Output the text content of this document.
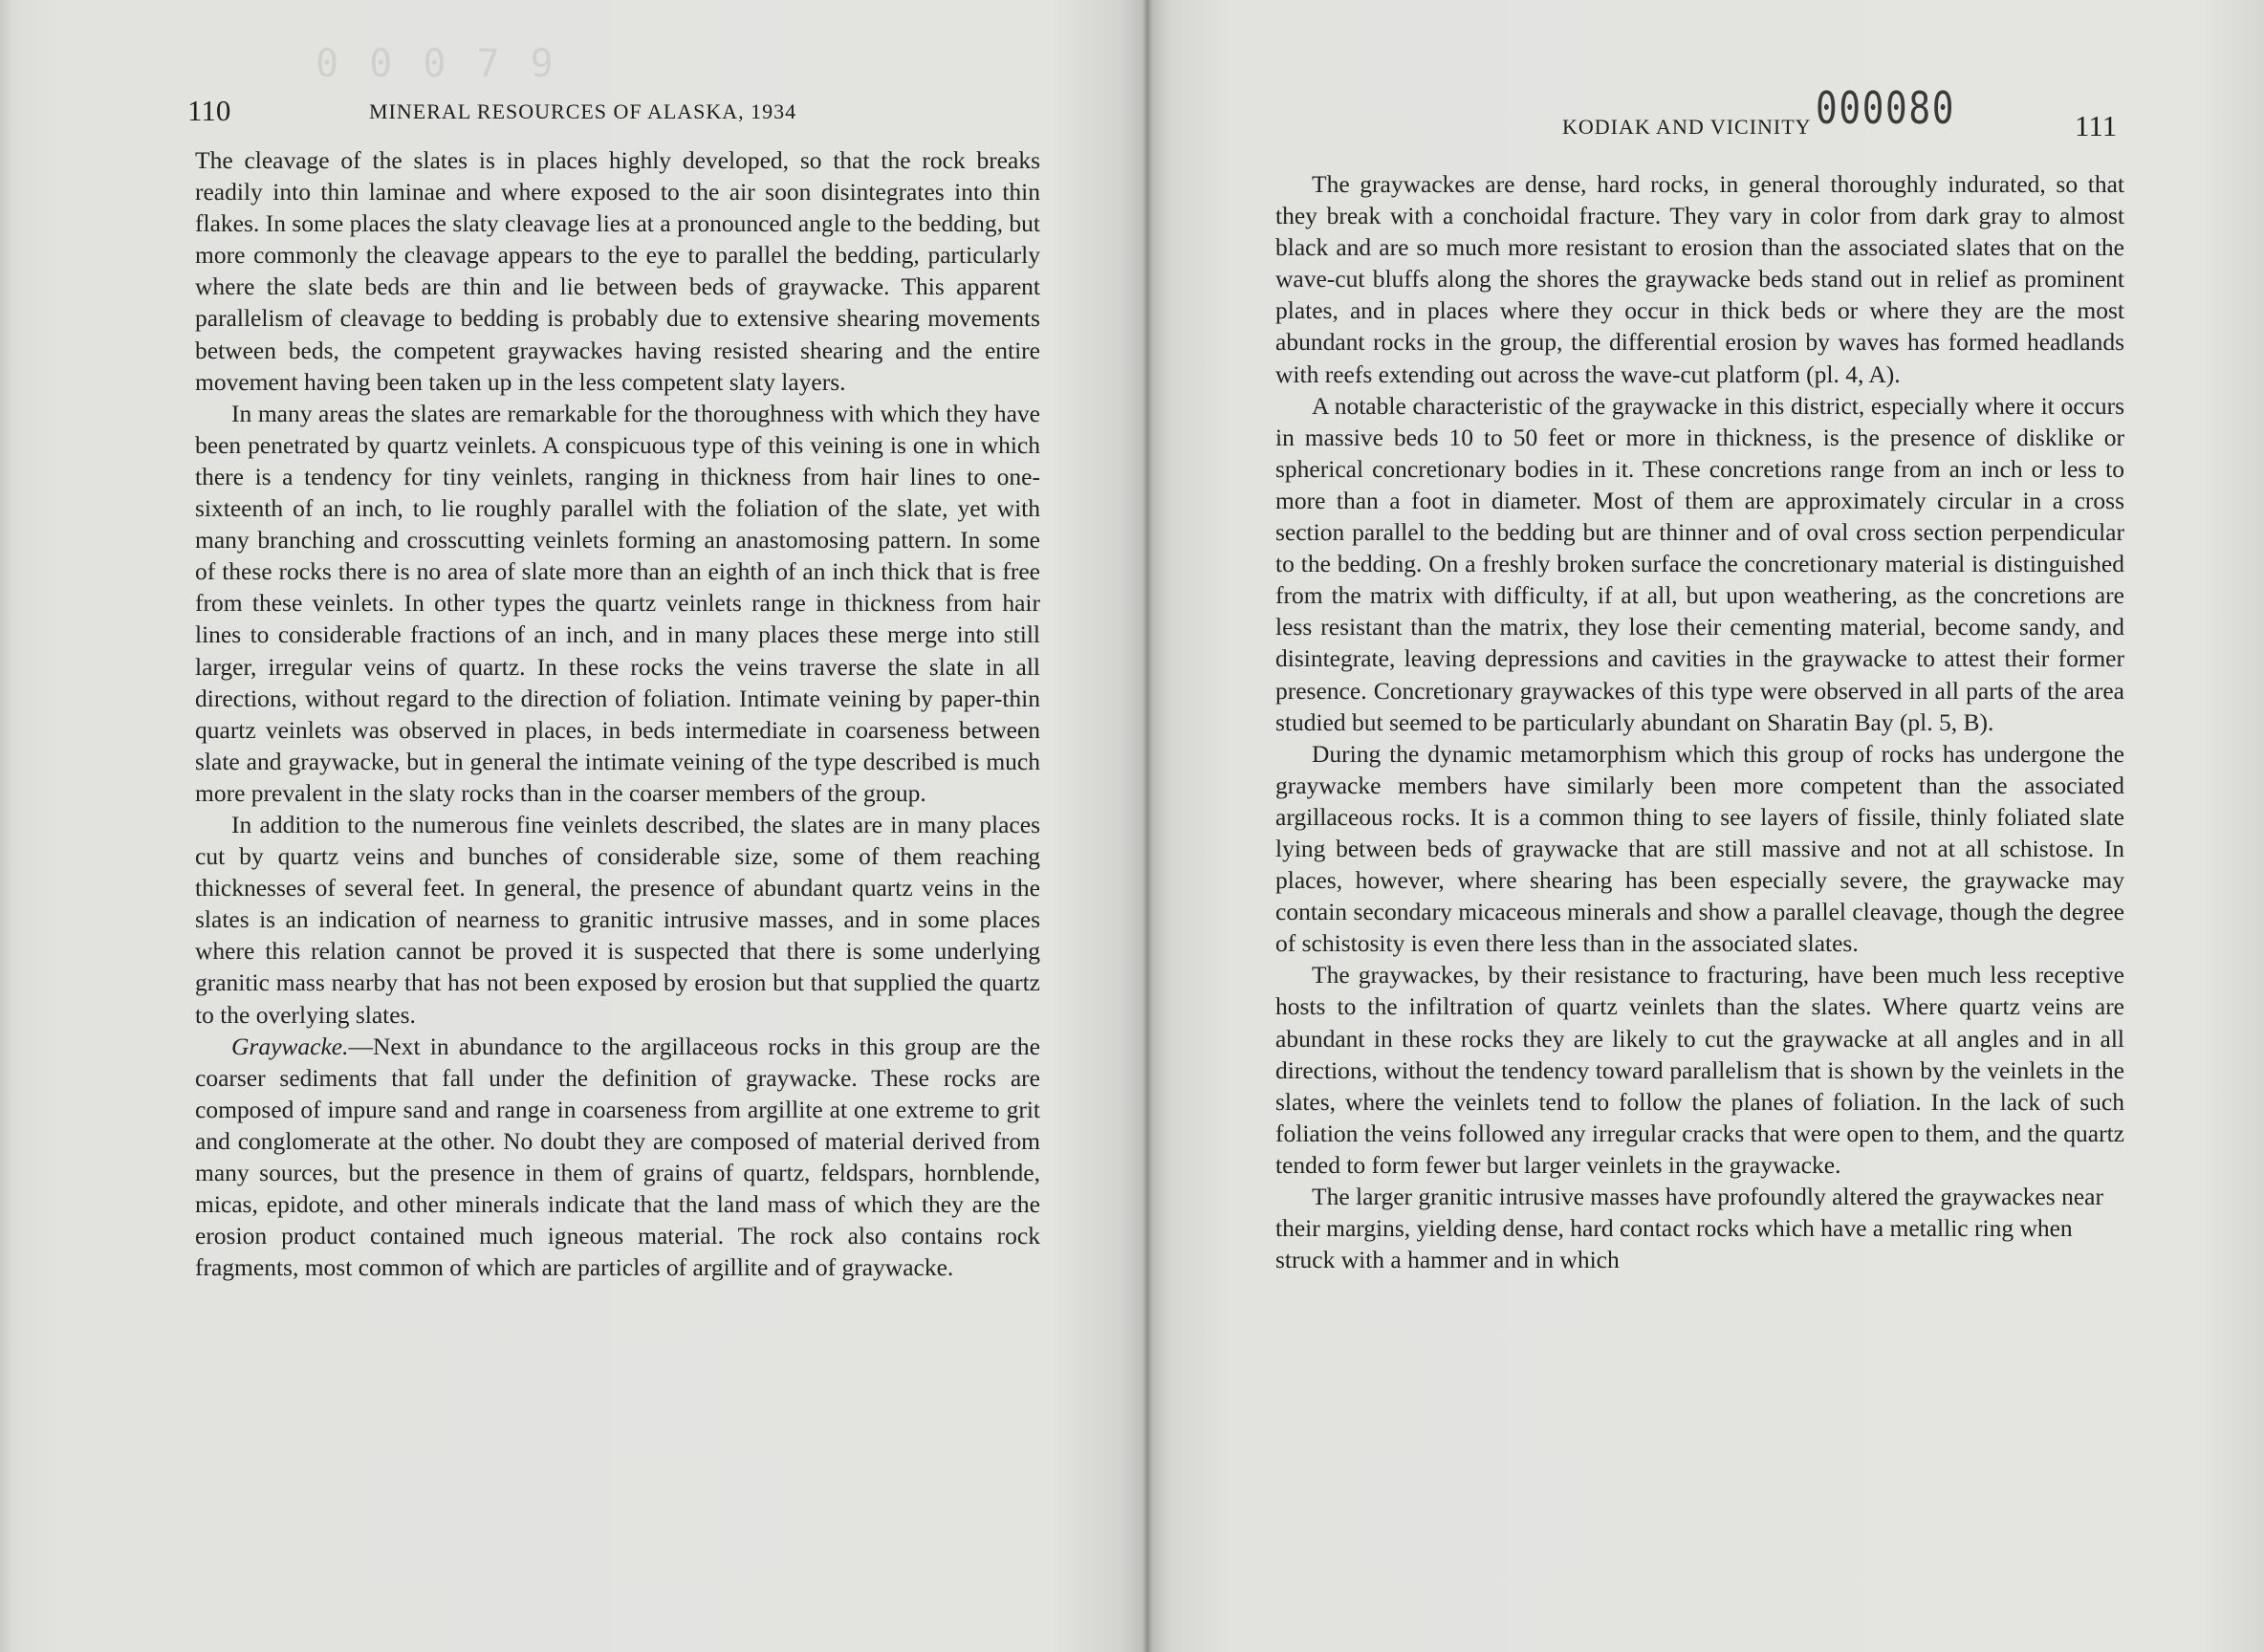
110	MINERAL RESOURCES OF ALASKA, 1934
0 0 0 7 9

The cleavage of the slates is in places highly developed, so that the rock breaks readily into thin laminae and where exposed to the air soon disintegrates into thin flakes. In some places the slaty cleavage lies at a pronounced angle to the bedding, but more commonly the cleavage appears to the eye to parallel the bedding, particularly where the slate beds are thin and lie between beds of graywacke. This apparent parallelism of cleavage to bedding is probably due to extensive shearing movements between beds, the competent graywackes having resisted shearing and the entire movement having been taken up in the less competent slaty layers.

In many areas the slates are remarkable for the thoroughness with which they have been penetrated by quartz veinlets. A conspicuous type of this veining is one in which there is a tendency for tiny veinlets, ranging in thickness from hair lines to one-sixteenth of an inch, to lie roughly parallel with the foliation of the slate, yet with many branching and crosscutting veinlets forming an anastomosing pattern. In some of these rocks there is no area of slate more than an eighth of an inch thick that is free from these veinlets. In other types the quartz veinlets range in thickness from hair lines to considerable fractions of an inch, and in many places these merge into still larger, irregular veins of quartz. In these rocks the veins traverse the slate in all directions, without regard to the direction of foliation. Intimate veining by paper-thin quartz veinlets was observed in places, in beds intermediate in coarseness between slate and graywacke, but in general the intimate veining of the type described is much more prevalent in the slaty rocks than in the coarser members of the group.

In addition to the numerous fine veinlets described, the slates are in many places cut by quartz veins and bunches of considerable size, some of them reaching thicknesses of several feet. In general, the presence of abundant quartz veins in the slates is an indication of nearness to granitic intrusive masses, and in some places where this relation cannot be proved it is suspected that there is some underlying granitic mass nearby that has not been exposed by erosion but that supplied the quartz to the overlying slates.

Graywacke.—Next in abundance to the argillaceous rocks in this group are the coarser sediments that fall under the definition of graywacke. These rocks are composed of impure sand and range in coarseness from argillite at one extreme to grit and conglomerate at the other. No doubt they are composed of material derived from many sources, but the presence in them of grains of quartz, feldspars, hornblende, micas, epidote, and other minerals indicate that the land mass of which they are the erosion product contained much igneous material. The rock also contains rock fragments, most common of which are particles of argillite and of graywacke.

KODIAK AND VICINITY 000080	111

The graywackes are dense, hard rocks, in general thoroughly indurated, so that they break with a conchoidal fracture. They vary in color from dark gray to almost black and are so much more resistant to erosion than the associated slates that on the wave-cut bluffs along the shores the graywacke beds stand out in relief as prominent plates, and in places where they occur in thick beds or where they are the most abundant rocks in the group, the differential erosion by waves has formed headlands with reefs extending out across the wave-cut platform (pl. 4, A).

A notable characteristic of the graywacke in this district, especially where it occurs in massive beds 10 to 50 feet or more in thickness, is the presence of disklike or spherical concretionary bodies in it. These concretions range from an inch or less to more than a foot in diameter. Most of them are approximately circular in a cross section parallel to the bedding but are thinner and of oval cross section perpendicular to the bedding. On a freshly broken surface the concretionary material is distinguished from the matrix with difficulty, if at all, but upon weathering, as the concretions are less resistant than the matrix, they lose their cementing material, become sandy, and disintegrate, leaving depressions and cavities in the graywacke to attest their former presence. Concretionary graywackes of this type were observed in all parts of the area studied but seemed to be particularly abundant on Sharatin Bay (pl. 5, B).

During the dynamic metamorphism which this group of rocks has undergone the graywacke members have similarly been more competent than the associated argillaceous rocks. It is a common thing to see layers of fissile, thinly foliated slate lying between beds of graywacke that are still massive and not at all schistose. In places, however, where shearing has been especially severe, the graywacke may contain secondary micaceous minerals and show a parallel cleavage, though the degree of schistosity is even there less than in the associated slates.

The graywackes, by their resistance to fracturing, have been much less receptive hosts to the infiltration of quartz veinlets than the slates. Where quartz veins are abundant in these rocks they are likely to cut the graywacke at all angles and in all directions, without the tendency toward parallelism that is shown by the veinlets in the slates, where the veinlets tend to follow the planes of foliation. In the lack of such foliation the veins followed any irregular cracks that were open to them, and the quartz tended to form fewer but larger veinlets in the graywacke.

The larger granitic intrusive masses have profoundly altered the graywackes near their margins, yielding dense, hard contact rocks which have a metallic ring when struck with a hammer and in which
